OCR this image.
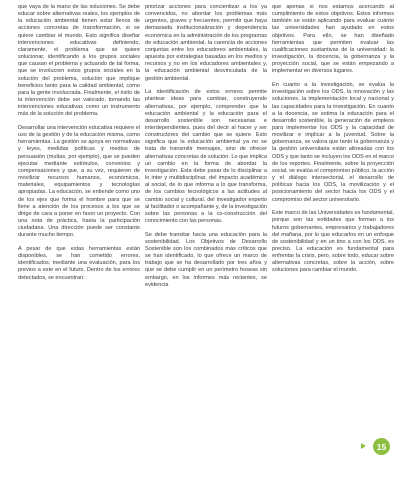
que vaya de la mano de las soluciones. Se debe educar sobre alternativas reales, los ejemplos de la educación ambiental tienen estar llenos de acciones concretas de transformación, si se quiere cambiar el mundo. Esto significa diseñar intervenciones educativas definiendo, claramente, el problema que se quiere solucionar, identificando a los grupos sociales que causan el problema y actuando de tal forma, que se involucren estos grupos sociales en la solución del problema, solución que implique beneficios tanto para la calidad ambiental, como para la gente involucrada. Finalmente, el éxito de la intervención debe ser valorado, tomando las intervenciones educativas como un instrumento más de la solución del problema.

Desarrollar una intervención educativa requiere el uso de la gestión y de la educación misma, como herramientas. La gestión se apoya en normativas y leyes, medidas políticas y medios de persuasión (multas, por ejemplo), que se pueden ejecutar mediante estímulos, convenios y compensaciones y que, a su vez, requieren de movilizar recursos humanos, económicos, materiales, equipamientos y tecnologías apropiadas. La educación, se entiende como uno de los ejes que forma el hombre para que se llene a atención de los procesos a los que se dirige de cara a poner en favor un proyecto. Con una nota de práctica, hasta la participación ciudadana. Una dirección puede ser constante durante mucho tiempo.

A pesar de que estas herramientas están disponibles, se han cometido errores, identificados, mediante una evaluación, para los previos a este en el futuro. Dentro de los errores detectados, se encuentran:

priorizar acciones para concientizar a los ya convencidos, no abordar los problemas más urgentes, graves y frecuentes, permitir que haya demasiada institucionalización y dependencia económica en la administración de los programas de educación ambiental, la carencia de acciones conjuntas entre los educadores ambientales, la apuesta por estrategias basadas en los medios y recursos y no en los educadores ambientales y, la educación ambiental desvinculada de la gestión ambiental.

La identificación de estos errores permite plantear ideas para cambiar, construyendo alternativas, por ejemplo, comprender que la educación ambiental y la educación para el desarrollo sostenible son necesarias e interdependientes, pues del decir al hacer y ser constructores del cambio que se quiere. Esto significa que la educación ambiental ya no se trata de transmitir mensajes, sino de ofrecer alternativas concretas de solución. Lo que implica un cambio en la forma de abordar la investigación. Esta debe pasar de lo disciplinar a lo inter y multidisciplinar, del impacto académico al social, de lo que informa a lo que transforma, de los cambios tecnológicos a las actitudes al cambio social y cultural, del investigador experto al facilitador o acompañante y, de la investigación sobre las personas a la co-construcción del conocimiento con las personas.

Se debe transitar hacia una educación para la sostenibilidad. Los Objetivos de Desarrollo Sostenible son los combinados más críticos que se han identificado, lo que ofrece un marco de trabajo que se ha desarrollado por tres años y que se debe cumplir en un perímetro hoseas sin embargo, en los informes más recientes, se evidencia

que apenas si nos estamos acercando al cumplimiento de estos objetivos. Estos informes también se están aplicando para evaluar cuánto las universidades han ayudado en estos objetivos. Para ello, se han diseñado herramientas que permiten evaluar las cualificaciones sustantivas de la universidad: la investigación, la docencia, la gobernanza y la proyección social, que se están empezando a implementar en diversos lugares.

En cuanto a la investigación, se evalúa la investigación sobre los ODS, la innovación y las soluciones, la implementación local y nacional y las capacidades para la investigación. En cuanto a la docencia, se estima la educación para el desarrollo sostenible, la generación de empleos para implementar los ODS y la capacidad de movilizar e implicar a la juventud. Sobre la gobernanza, se valora que tanto la gobernanza y la gestión universitaria están alineadas con los ODS y que tanto se incluyen los ODS en el marco de los reportes. Finalmente, sobre la proyección social, se evalúa el compromiso público, la acción y el diálogo intersectorial, el desarrollo de políticas hacia los ODS, la movilización y el posicionamiento del sector hacia los ODS y el compromiso del sector universitario.

Este marco de las Universidades es fundamental, porque son las entidades que forman a los futuros gobernantes, empresarios y trabajadores del mañana, por lo que educarlos en un enfoque de sostenibilidad y en un tino a con los ODS, es preciso. La educación es fundamental para enfrentar la crisis, pero, sobre todo, educar sobre alternativas concretas, sobre la acción, sobre soluciones para cambiar el mundo.

15
